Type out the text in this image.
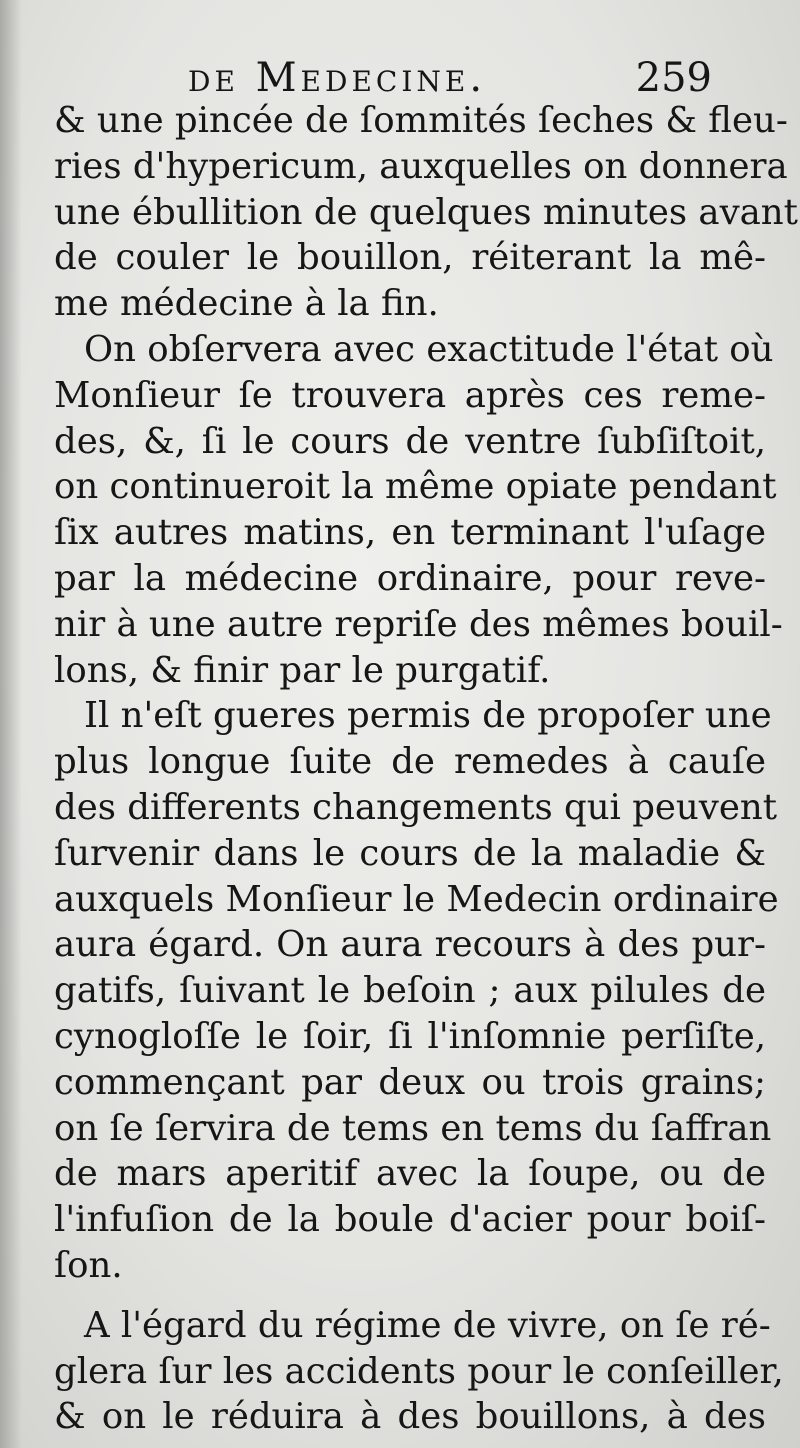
de Medecine.	259
& une pincée de ſommités ſeches & fleu-
ries d'hypericum, auxquelles on donnera
une ébullition de quelques minutes avant
de couler le bouillon, réiterant la mê-
me médecine à la fin.
On obſervera avec exactitude l'état où
Monſieur ſe trouvera après ces reme-
des, &, ſi le cours de ventre ſubſiſtoit,
on continueroit la même opiate pendant
ſix autres matins, en terminant l'uſage
par la médecine ordinaire, pour reve-
nir à une autre repriſe des mêmes bouil-
lons, & finir par le purgatif.
Il n'eſt gueres permis de propoſer une
plus longue ſuite de remedes à cauſe
des differents changements qui peuvent
ſurvenir dans le cours de la maladie &
auxquels Monſieur le Medecin ordinaire
aura égard. On aura recours à des pur-
gatifs, ſuivant le beſoin ; aux pilules de
cynogloſſe le ſoir, ſi l'inſomnie perſiſte,
commençant par deux ou trois grains;
on ſe ſervira de tems en tems du ſaffran
de mars aperitif avec la ſoupe, ou de
l'infuſion de la boule d'acier pour boiſ-
ſon.
A l'égard du régime de vivre, on ſe ré-
glera ſur les accidents pour le conſeiller,
& on le réduira à des bouillons, à des
